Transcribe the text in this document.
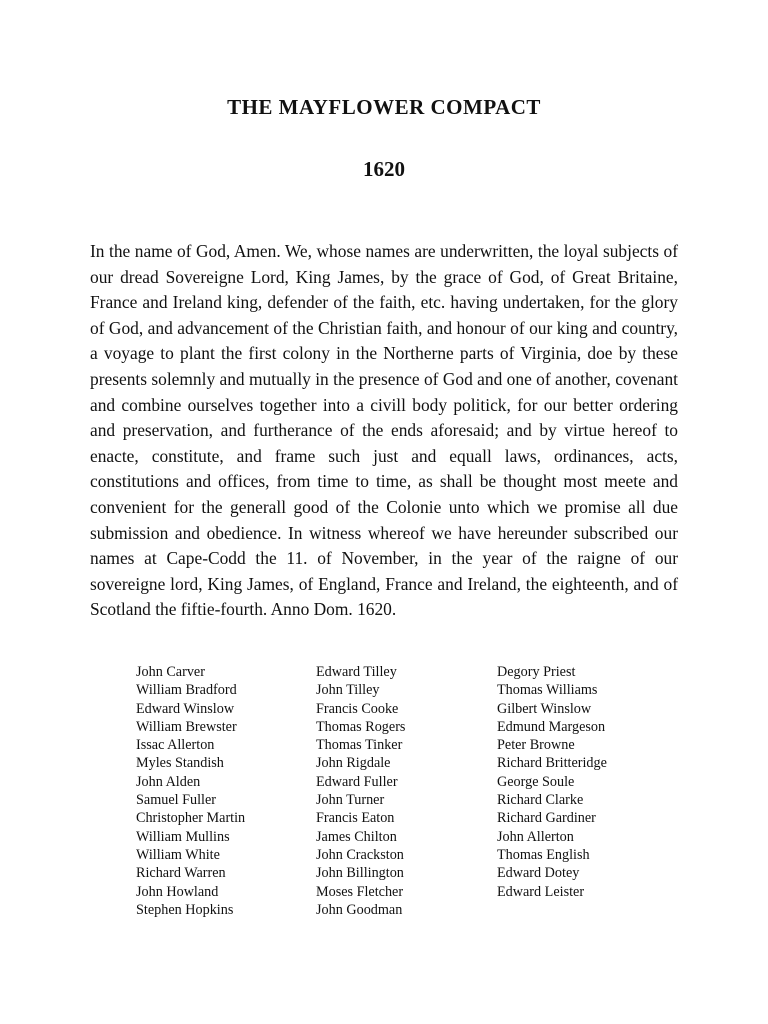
THE MAYFLOWER COMPACT
1620

In the name of God, Amen. We, whose names are underwritten, the loyal subjects of our dread Sovereigne Lord, King James, by the grace of God, of Great Britaine, France and Ireland king, defender of the faith, etc. having undertaken, for the glory of God, and advancement of the Christian faith, and honour of our king and country, a voyage to plant the first colony in the Northerne parts of Virginia, doe by these presents solemnly and mutually in the presence of God and one of another, covenant and combine ourselves together into a civill body politick, for our better ordering and preservation, and furtherance of the ends aforesaid; and by virtue hereof to enacte, constitute, and frame such just and equall laws, ordinances, acts, constitutions and offices, from time to time, as shall be thought most meete and convenient for the generall good of the Colonie unto which we promise all due submission and obedience. In witness whereof we have hereunder subscribed our names at Cape-Codd the 11. of November, in the year of the raigne of our sovereigne lord, King James, of England, France and Ireland, the eighteenth, and of Scotland the fiftie-fourth. Anno Dom. 1620.

John Carver
William Bradford
Edward Winslow
William Brewster
Issac Allerton
Myles Standish
John Alden
Samuel Fuller
Christopher Martin
William Mullins
William White
Richard Warren
John Howland
Stephen Hopkins
Edward Tilley
John Tilley
Francis Cooke
Thomas Rogers
Thomas Tinker
John Rigdale
Edward Fuller
John Turner
Francis Eaton
James Chilton
John Crackston
John Billington
Moses Fletcher
John Goodman
Degory Priest
Thomas Williams
Gilbert Winslow
Edmund Margeson
Peter Browne
Richard Britteridge
George Soule
Richard Clarke
Richard Gardiner
John Allerton
Thomas English
Edward Dotey
Edward Leister
